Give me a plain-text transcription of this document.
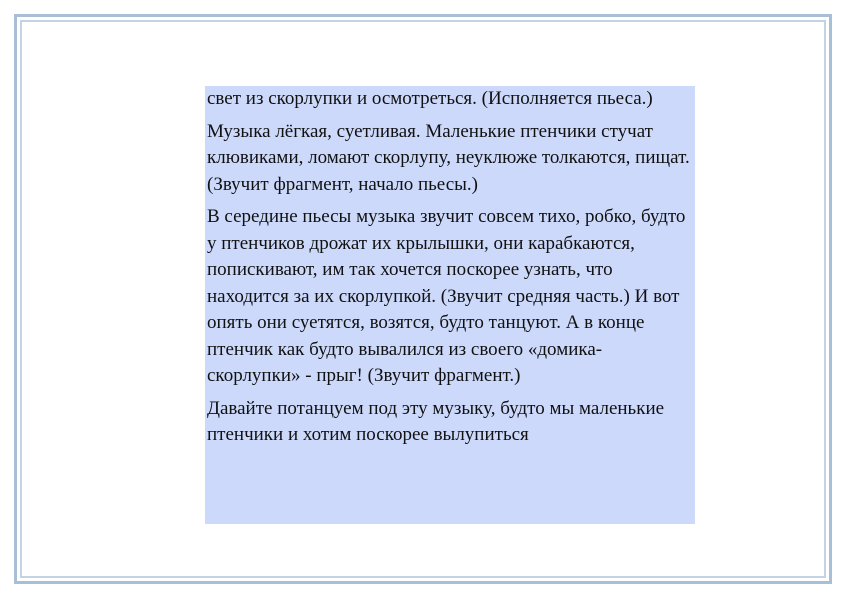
свет из скорлупки и осмотреться. (Исполняется пьеса.)

Музыка лёгкая, суетливая. Маленькие птенчики стучат клювиками, ломают скорлупу, неуклюже толкаются, пищат. (Звучит фрагмент, начало пьесы.)

В середине пьесы музыка звучит совсем тихо, робко, будто у птенчиков дрожат их крылышки, они карабкаются, попискивают, им так хочется поскорее узнать, что находится за их скорлупкой. (Звучит средняя часть.) И вот опять они суетятся, возятся, будто танцуют. А в конце птенчик как будто вывалился из своего «домика-скорлупки» - прыг! (Звучит фрагмент.)

Давайте потанцуем под эту музыку, будто мы маленькие птенчики и хотим поскорее вылупиться
